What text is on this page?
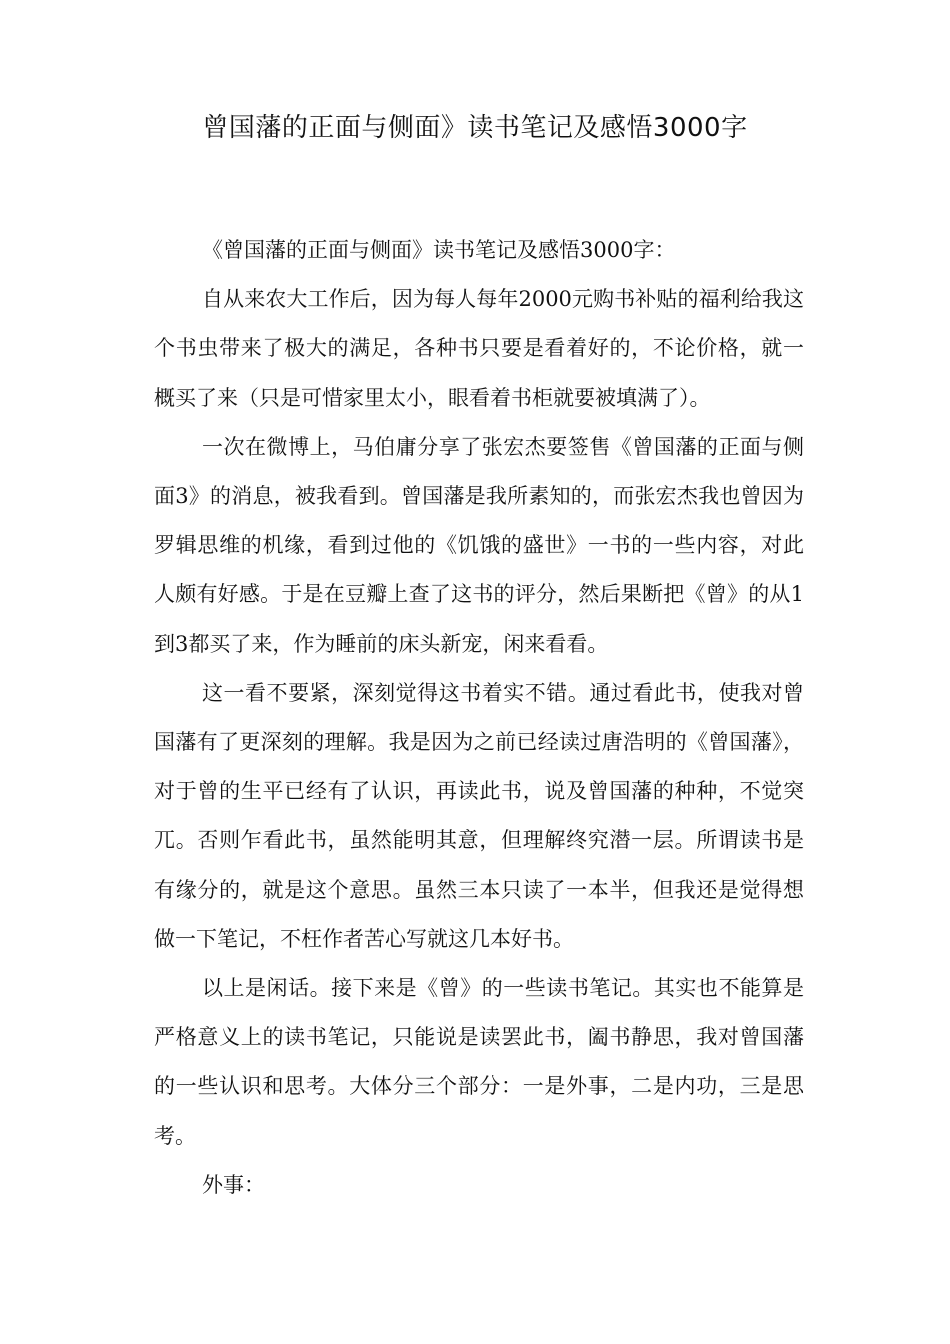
曾国藩的正面与侧面》读书笔记及感悟3000字

《曾国藩的正面与侧面》读书笔记及感悟3000字：

自从来农大工作后，因为每人每年2000元购书补贴的福利给我这个书虫带来了极大的满足，各种书只要是看着好的，不论价格，就一概买了来（只是可惜家里太小，眼看着书柜就要被填满了）。

一次在微博上，马伯庸分享了张宏杰要签售《曾国藩的正面与侧面3》的消息，被我看到。曾国藩是我所素知的，而张宏杰我也曾因为罗辑思维的机缘，看到过他的《饥饿的盛世》一书的一些内容，对此人颇有好感。于是在豆瓣上查了这书的评分，然后果断把《曾》的从1到3都买了来，作为睡前的床头新宠，闲来看看。

这一看不要紧，深刻觉得这书着实不错。通过看此书，使我对曾国藩有了更深刻的理解。我是因为之前已经读过唐浩明的《曾国藩》，对于曾的生平已经有了认识，再读此书，说及曾国藩的种种，不觉突兀。否则乍看此书，虽然能明其意，但理解终究潜一层。所谓读书是有缘分的，就是这个意思。虽然三本只读了一本半，但我还是觉得想做一下笔记，不枉作者苦心写就这几本好书。

以上是闲话。接下来是《曾》的一些读书笔记。其实也不能算是严格意义上的读书笔记，只能说是读罢此书，阖书静思，我对曾国藩的一些认识和思考。大体分三个部分：一是外事，二是内功，三是思考。

外事：
